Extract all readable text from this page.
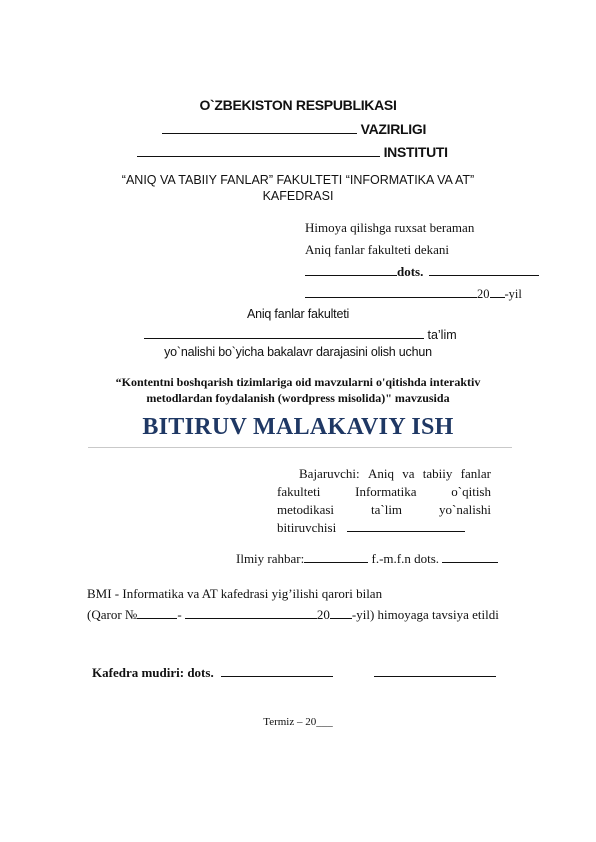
O`ZBEKISTON RESPUBLIKASI
VAZIRLIGI
INSTITUTI
“ANIQ VA TABIIY FANLAR” FAKULTETI “INFORMATIKA VA AT”
KAFEDRASI
Himoya qilishga ruxsat beraman
Aniq fanlar fakulteti dekani
dots.
20 -yil
Aniq fanlar fakulteti
ta’lim
yo`nalishi bo`yicha bakalavr darajasini olish uchun
“Kontentni boshqarish tizimlariga oid mavzularni o'qitishda interaktiv
metodlardan foydalanish (wordpress misolida)" mavzusida
BITIRUV MALAKAVIY ISH
Bajaruvchi: Aniq va tabiiy fanlar
fakulteti	Informatika	o`qitish
metodikasi	ta`lim	yo`nalishi
bitiruvchisi
Ilmiy rahbar:	f.-m.f.n dots.
BMI - Informatika va AT kafedrasi yig’ilishi qarori bilan
(Qaror №	-	20 -yil) himoyaga tavsiya etildi
Kafedra mudiri: dots.
Termiz – 20___
